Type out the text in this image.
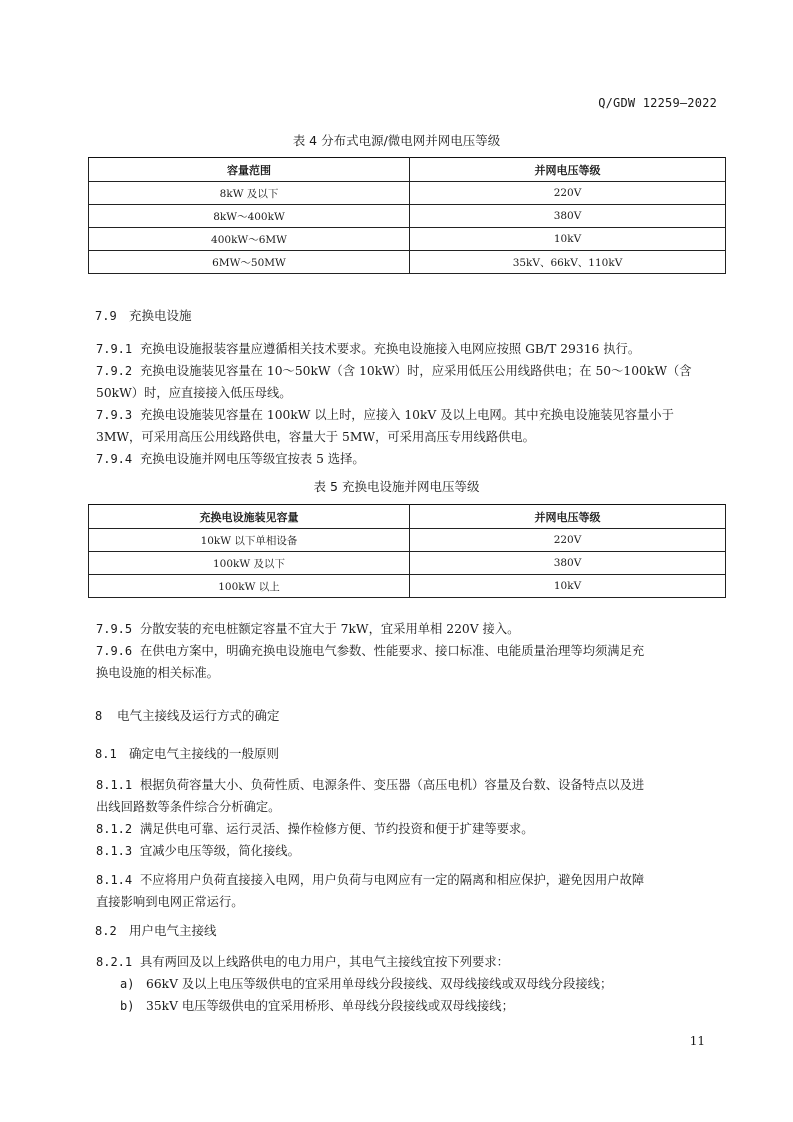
Q/GDW 12259—2022
表 4 分布式电源/微电网并网电压等级
容量范围	并网电压等级
8kW 及以下	220V
8kW～400kW	380V
400kW～6MW	10kV
6MW～50MW	35kV、66kV、110kV
7.9 充换电设施
7.9.1 充换电设施报装容量应遵循相关技术要求。充换电设施接入电网应按照 GB/T 29316 执行。
7.9.2 充换电设施装见容量在 10～50kW（含 10kW）时，应采用低压公用线路供电；在 50～100kW（含
50kW）时，应直接接入低压母线。
7.9.3 充换电设施装见容量在 100kW 以上时，应接入 10kV 及以上电网。其中充换电设施装见容量小于
3MW，可采用高压公用线路供电，容量大于 5MW，可采用高压专用线路供电。
7.9.4 充换电设施并网电压等级宜按表 5 选择。
表 5 充换电设施并网电压等级
充换电设施装见容量	并网电压等级
10kW 以下单相设备	220V
100kW 及以下	380V
100kW 以上	10kV
7.9.5 分散安装的充电桩额定容量不宜大于 7kW，宜采用单相 220V 接入。
7.9.6 在供电方案中，明确充换电设施电气参数、性能要求、接口标准、电能质量治理等均须满足充
换电设施的相关标准。
8 电气主接线及运行方式的确定
8.1 确定电气主接线的一般原则
8.1.1 根据负荷容量大小、负荷性质、电源条件、变压器（高压电机）容量及台数、设备特点以及进
出线回路数等条件综合分析确定。
8.1.2 满足供电可靠、运行灵活、操作检修方便、节约投资和便于扩建等要求。
8.1.3 宜减少电压等级，简化接线。
8.1.4 不应将用户负荷直接接入电网，用户负荷与电网应有一定的隔离和相应保护，避免因用户故障
直接影响到电网正常运行。
8.2 用户电气主接线
8.2.1 具有两回及以上线路供电的电力用户，其电气主接线宜按下列要求：
a) 66kV 及以上电压等级供电的宜采用单母线分段接线、双母线接线或双母线分段接线；
b) 35kV 电压等级供电的宜采用桥形、单母线分段接线或双母线接线；
11
